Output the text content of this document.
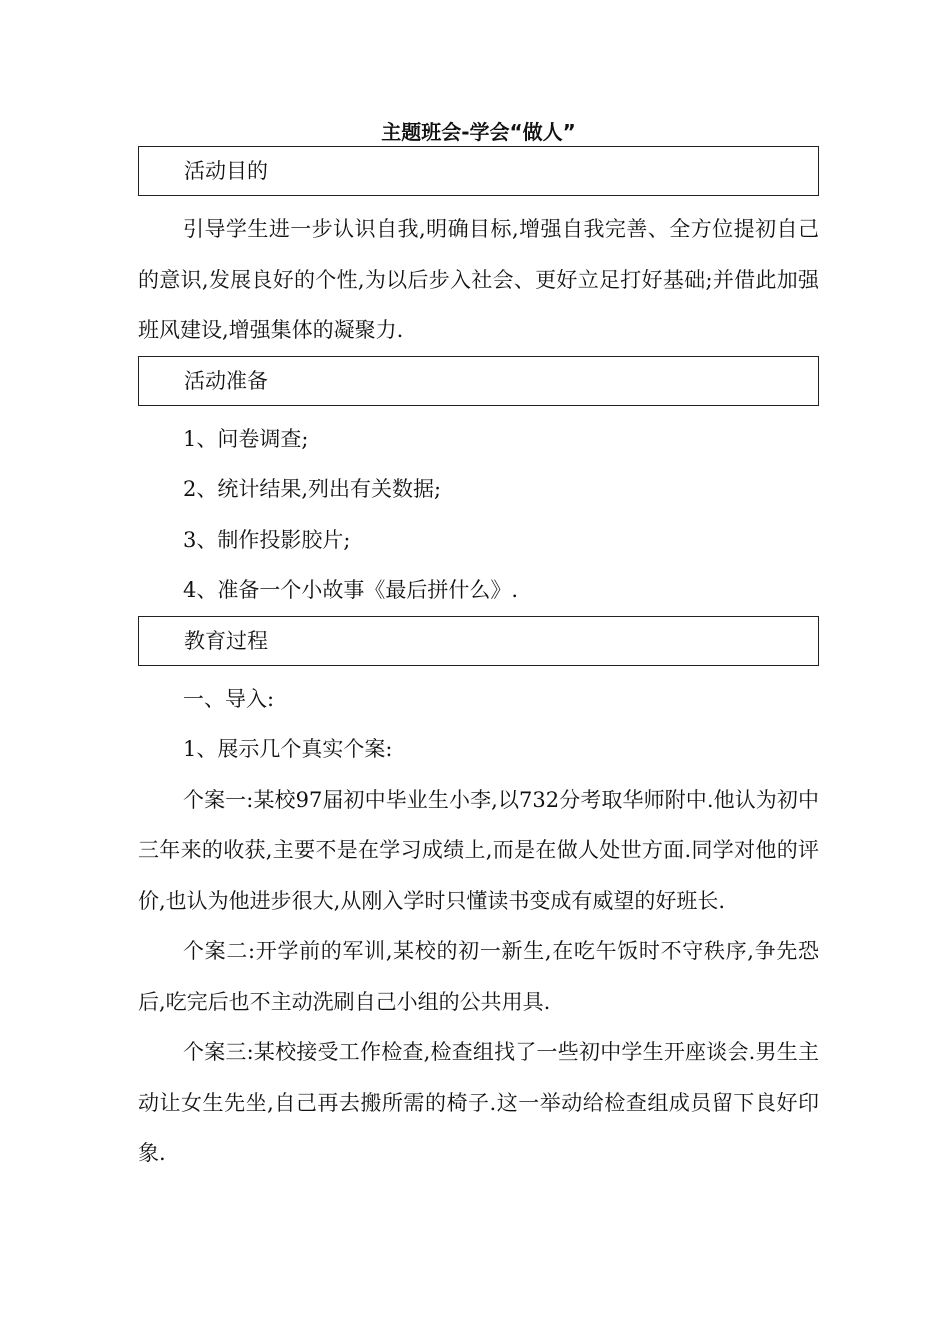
主题班会-学会“做人”
活动目的

引导学生进一步认识自我,明确目标,增强自我完善、全方位提初自己的意识,发展良好的个性,为以后步入社会、更好立足打好基础;并借此加强班风建设,增强集体的凝聚力.

活动准备

1、问卷调查;

2、统计结果,列出有关数据;

3、制作投影胶片;

4、准备一个小故事《最后拼什么》.

教育过程

一、导入:

1、展示几个真实个案:

个案一:某校97届初中毕业生小李,以732分考取华师附中.他认为初中三年来的收获,主要不是在学习成绩上,而是在做人处世方面.同学对他的评价,也认为他进步很大,从刚入学时只懂读书变成有威望的好班长.

个案二:开学前的军训,某校的初一新生,在吃午饭时不守秩序,争先恐后,吃完后也不主动洗刷自己小组的公共用具.

个案三:某校接受工作检查,检查组找了一些初中学生开座谈会.男生主动让女生先坐,自己再去搬所需的椅子.这一举动给检查组成员留下良好印象.
